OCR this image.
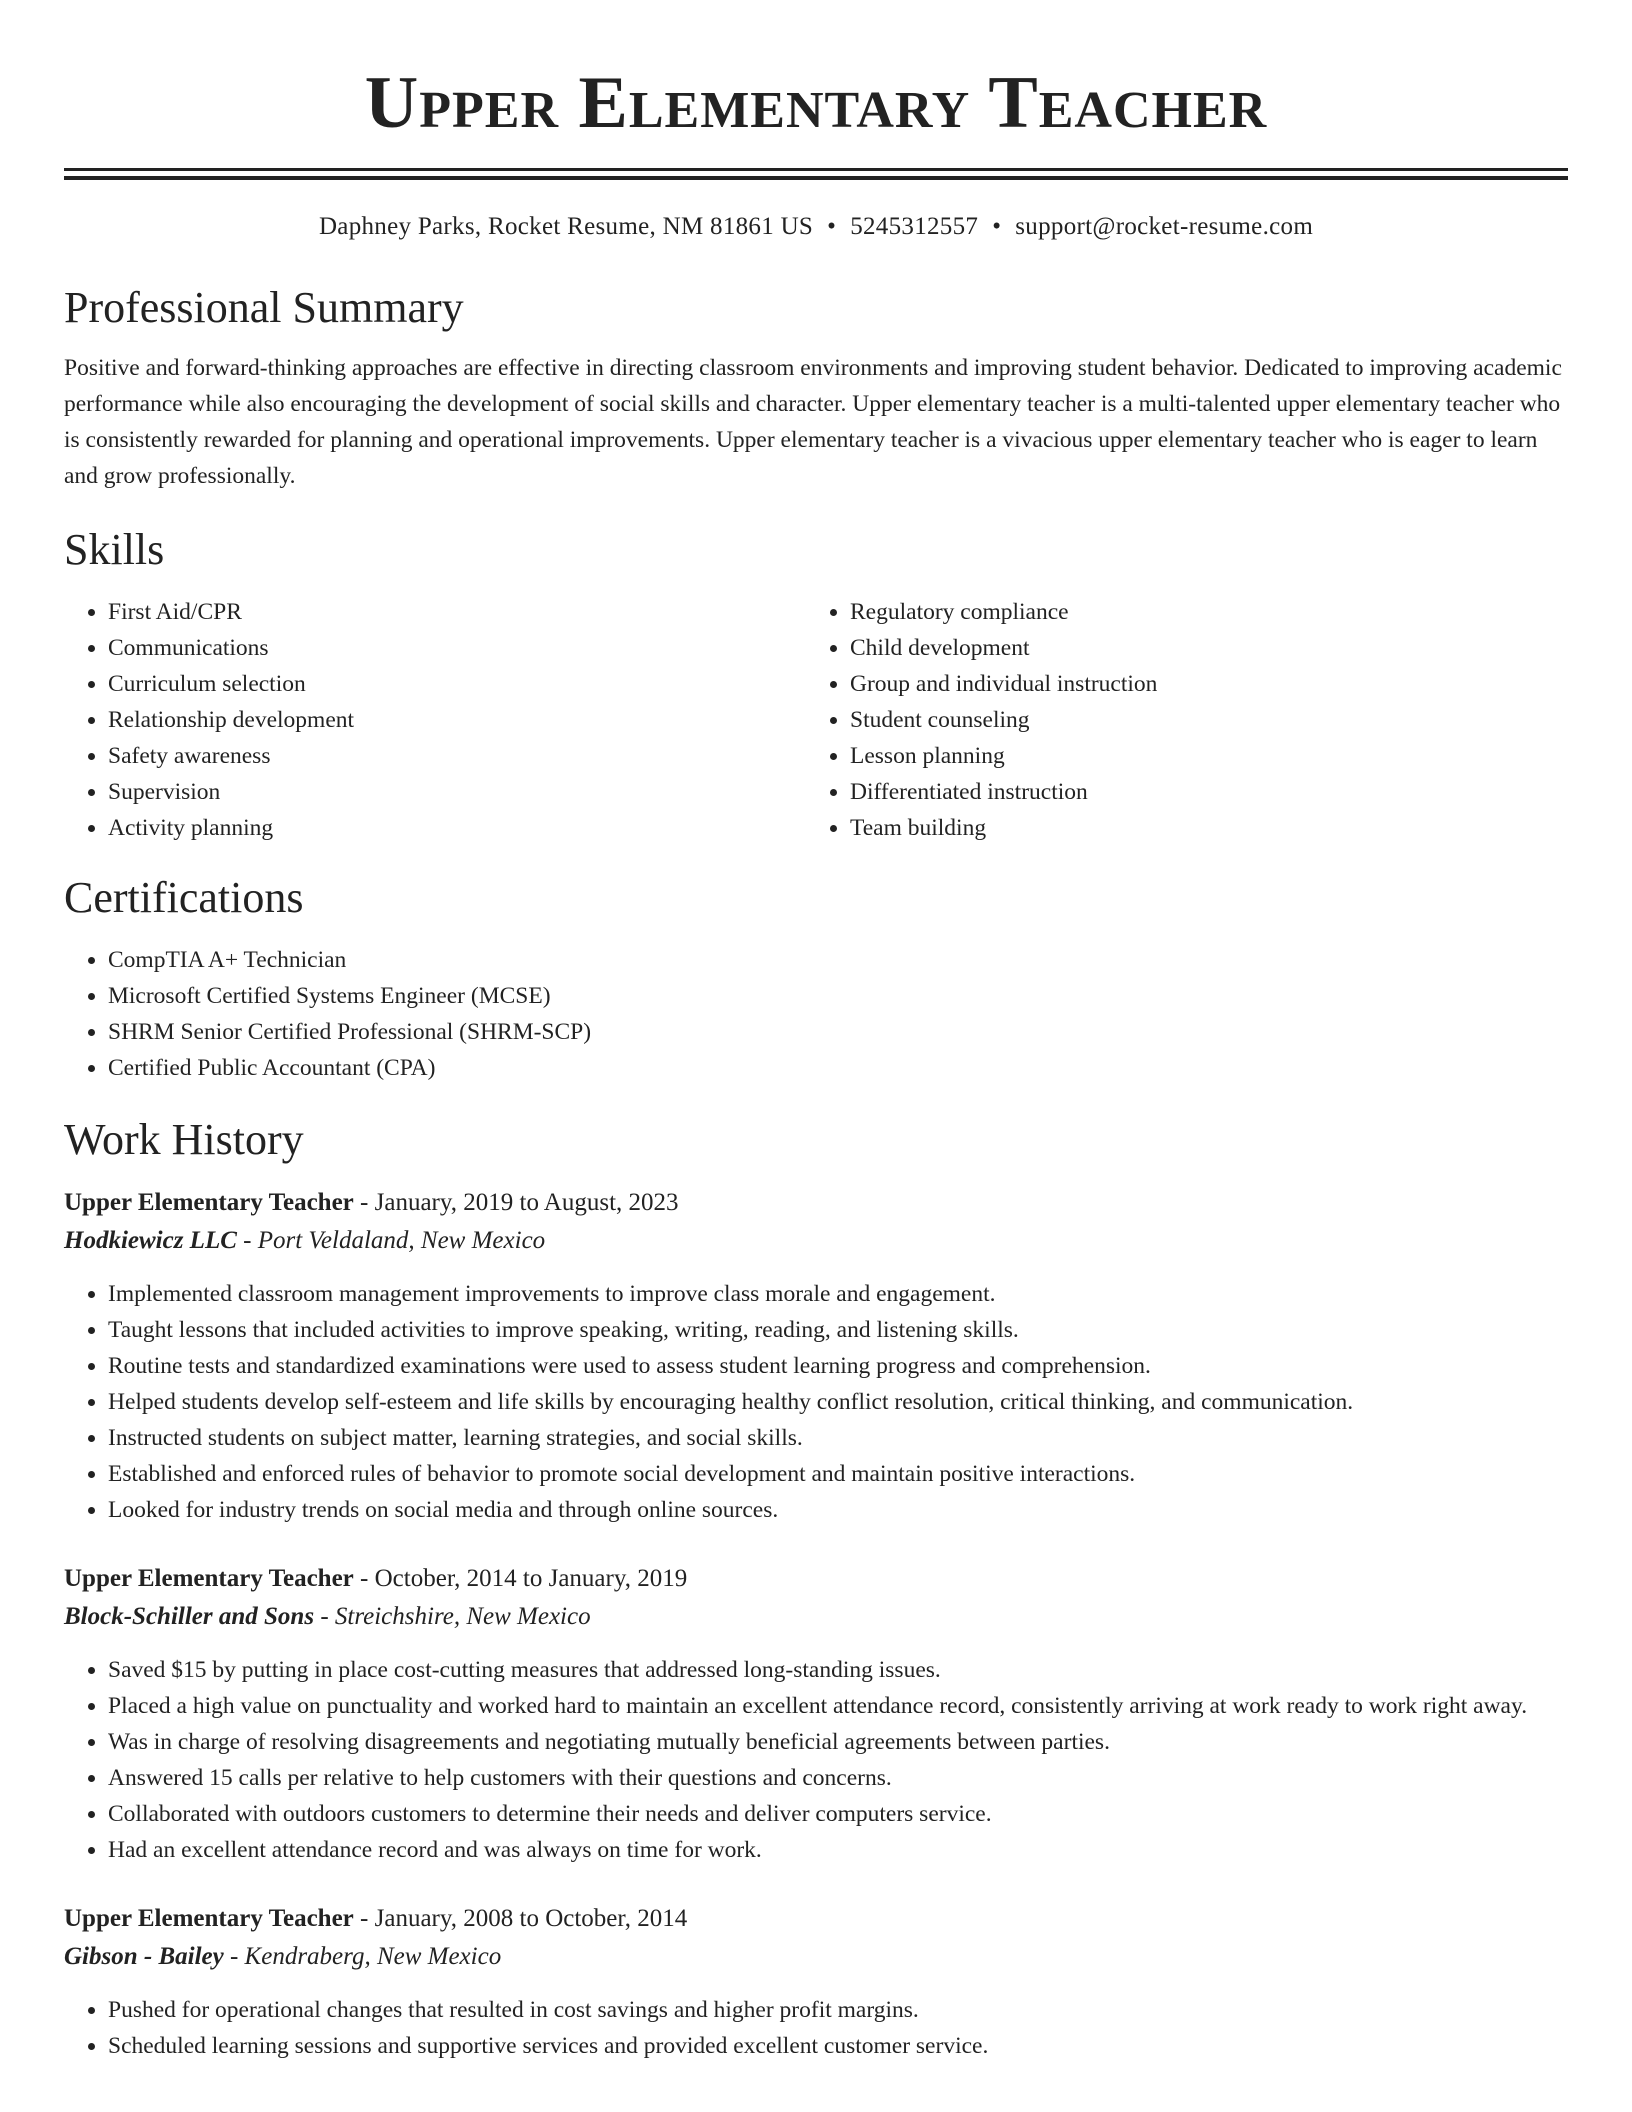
Upper Elementary Teacher
Daphney Parks, Rocket Resume, NM 81861 US • 5245312557 • support@rocket-resume.com
Professional Summary

Positive and forward-thinking approaches are effective in directing classroom environments and improving student behavior. Dedicated to improving academic performance while also encouraging the development of social skills and character. Upper elementary teacher is a multi-talented upper elementary teacher who is consistently rewarded for planning and operational improvements. Upper elementary teacher is a vivacious upper elementary teacher who is eager to learn and grow professionally.

Skills
• First Aid/CPR
• Communications
• Curriculum selection
• Relationship development
• Safety awareness
• Supervision
• Activity planning
• Regulatory compliance
• Child development
• Group and individual instruction
• Student counseling
• Lesson planning
• Differentiated instruction
• Team building
Certifications
• CompTIA A+ Technician
• Microsoft Certified Systems Engineer (MCSE)
• SHRM Senior Certified Professional (SHRM-SCP)
• Certified Public Accountant (CPA)
Work History
Upper Elementary Teacher - January, 2019 to August, 2023
Hodkiewicz LLC - Port Veldaland, New Mexico
• Implemented classroom management improvements to improve class morale and engagement.
• Taught lessons that included activities to improve speaking, writing, reading, and listening skills.
• Routine tests and standardized examinations were used to assess student learning progress and comprehension.
• Helped students develop self-esteem and life skills by encouraging healthy conflict resolution, critical thinking, and communication.
• Instructed students on subject matter, learning strategies, and social skills.
• Established and enforced rules of behavior to promote social development and maintain positive interactions.
• Looked for industry trends on social media and through online sources.
Upper Elementary Teacher - October, 2014 to January, 2019
Block-Schiller and Sons - Streichshire, New Mexico
• Saved $15 by putting in place cost-cutting measures that addressed long-standing issues.
• Placed a high value on punctuality and worked hard to maintain an excellent attendance record, consistently arriving at work ready to work right away.
• Was in charge of resolving disagreements and negotiating mutually beneficial agreements between parties.
• Answered 15 calls per relative to help customers with their questions and concerns.
• Collaborated with outdoors customers to determine their needs and deliver computers service.
• Had an excellent attendance record and was always on time for work.
Upper Elementary Teacher - January, 2008 to October, 2014
Gibson - Bailey - Kendraberg, New Mexico
• Pushed for operational changes that resulted in cost savings and higher profit margins.
• Scheduled learning sessions and supportive services and provided excellent customer service.
